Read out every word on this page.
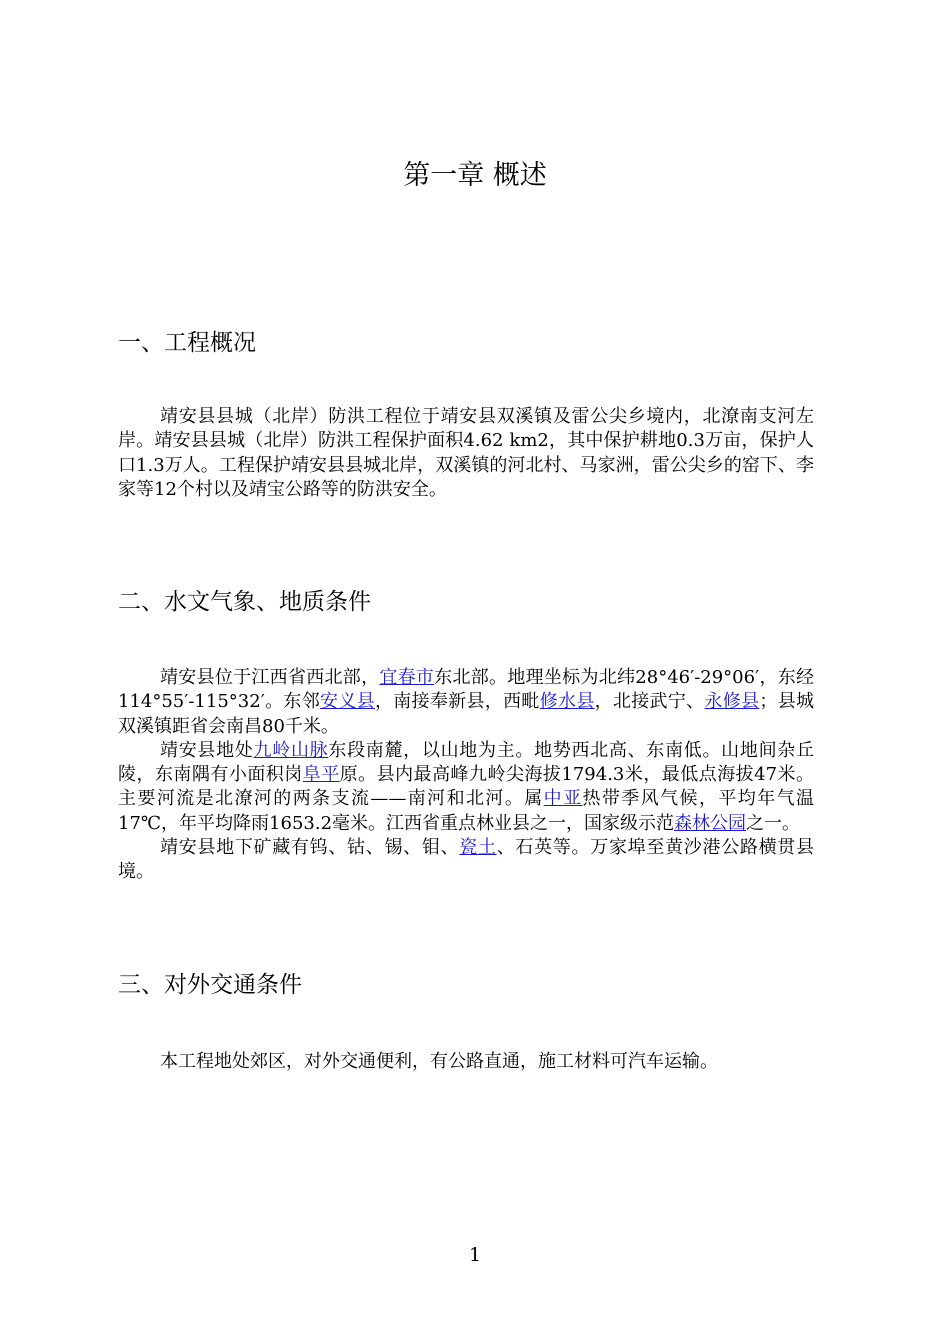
第一章 概述
一、工程概况

靖安县县城（北岸）防洪工程位于靖安县双溪镇及雷公尖乡境内，北潦南支河左岸。靖安县县城（北岸）防洪工程保护面积4.62 km2，其中保护耕地0.3万亩，保护人口1.3万人。工程保护靖安县县城北岸，双溪镇的河北村、马家洲，雷公尖乡的窑下、李家等12个村以及靖宝公路等的防洪安全。

二、水文气象、地质条件

靖安县位于江西省西北部，宜春市东北部。地理坐标为北纬28°46′-29°06′，东经114°55′-115°32′。东邻安义县，南接奉新县，西毗修水县，北接武宁、永修县；县城双溪镇距省会南昌80千米。

靖安县地处九岭山脉东段南麓，以山地为主。地势西北高、东南低。山地间杂丘陵，东南隅有小面积岗阜平原。县内最高峰九岭尖海拔1794.3米，最低点海拔47米。主要河流是北潦河的两条支流——南河和北河。属中亚热带季风气候，平均年气温17℃，年平均降雨1653.2毫米。江西省重点林业县之一，国家级示范森林公园之一。

靖安县地下矿藏有钨、钴、锡、钼、瓷土、石英等。万家埠至黄沙港公路横贯县境。

三、对外交通条件

本工程地处郊区，对外交通便利，有公路直通，施工材料可汽车运输。

1
